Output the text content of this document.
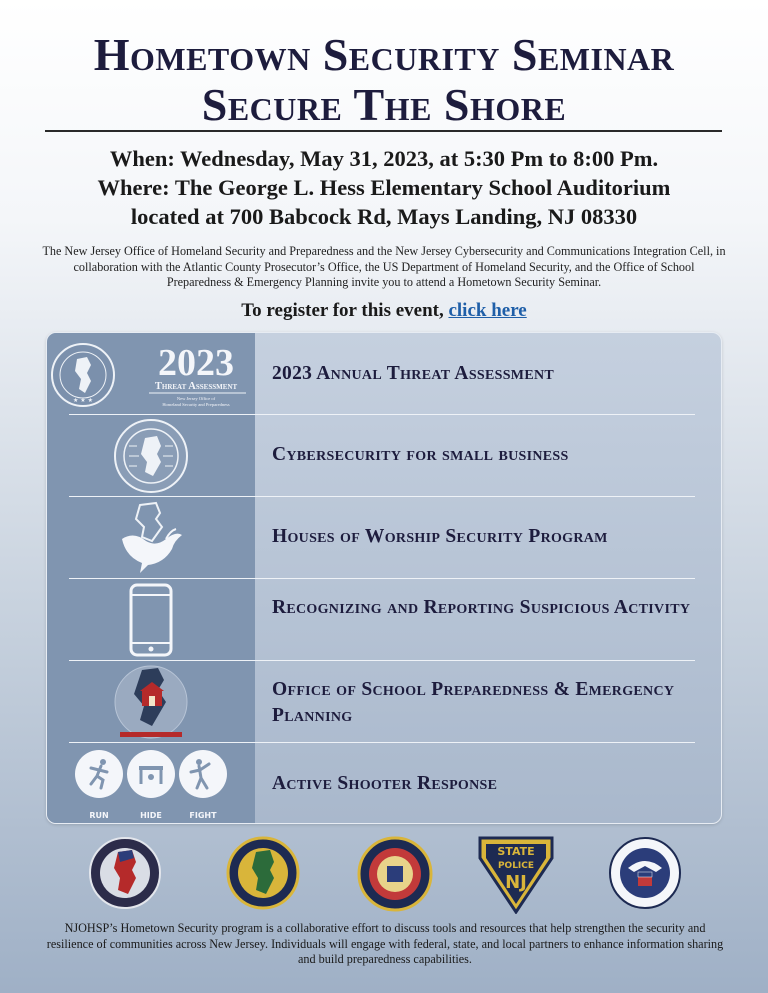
Hometown Security Seminar
Secure The Shore
When: Wednesday, May 31, 2023, at 5:30 Pm to 8:00 Pm.
Where: The George L. Hess Elementary School Auditorium
located at 700 Babcock Rd, Mays Landing, NJ 08330

The New Jersey Office of Homeland Security and Preparedness and the New Jersey Cybersecurity and Communications Integration Cell, in collaboration with the Atlantic County Prosecutor’s Office, the US Department of Homeland Security, and the Office of School Preparedness & Emergency Planning invite you to attend a Hometown Security Seminar.

To register for this event, click here
★ ★ ★
2023
Threat Assessment
New Jersey Office of
Homeland Security and Preparedness
2023 Annual Threat Assessment
Cybersecurity for small business
Houses of Worship Security Program
Recognizing and Reporting Suspicious Activity
Office of School Preparedness & Emergency Planning
RUN	HIDE	FIGHT
Active Shooter Response
STATE
POLICE
NJ

NJOHSP’s Hometown Security program is a collaborative effort to discuss tools and resources that help strengthen the security and resilience of communities across New Jersey. Individuals will engage with federal, state, and local partners to enhance information sharing and build preparedness capabilities.
